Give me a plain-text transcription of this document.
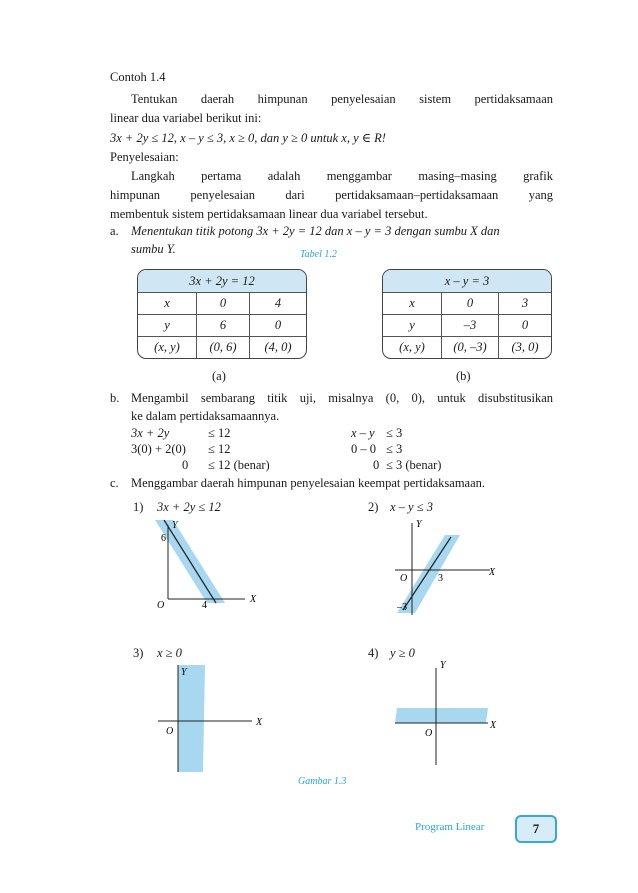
Contoh 1.4
Tentukan daerah himpunan penyelesaian sistem pertidaksamaan
linear dua variabel berikut ini:
3x + 2y ≤ 12, x – y ≤ 3, x ≥ 0, dan y ≥ 0 untuk x, y ∈ R!
Penyelesaian:
Langkah pertama adalah menggambar masing–masing grafik
himpunan penyelesaian dari pertidaksamaan–pertidaksamaan yang
membentuk sistem pertidaksamaan linear dua variabel tersebut.
a. Menentukan titik potong 3x + 2y = 12 dan x – y = 3 dengan sumbu X dan
sumbu Y.	Tabel 1.2
3x + 2y = 12		
x	0	4
y	6	0
(x, y)	(0, 6)	(4, 0)
(a)
x – y = 3		
x	0	3
y	–3	0
(x, y)	(0, –3)	(3, 0)
(b)
b. Mengambil sembarang titik uji, misalnya (0, 0), untuk disubstitusikan
ke dalam pertidaksamaannya.
3x + 2y	≤ 12
3(0) + 2(0) ≤ 12
0 ≤ 12 (benar)
x – y ≤ 3
0 – 0 ≤ 3
0 ≤ 3 (benar)
c. Menggambar daerah himpunan penyelesaian keempat pertidaksamaan.
1) 3x + 2y ≤ 12	2) x – y ≤ 3
3) x ≥ 0	4) y ≥ 0
Y
X
O
6
4
Y
X
O	3
–3
Y
X
O
Y
X
O
Gambar 1.3
Program Linear	7
